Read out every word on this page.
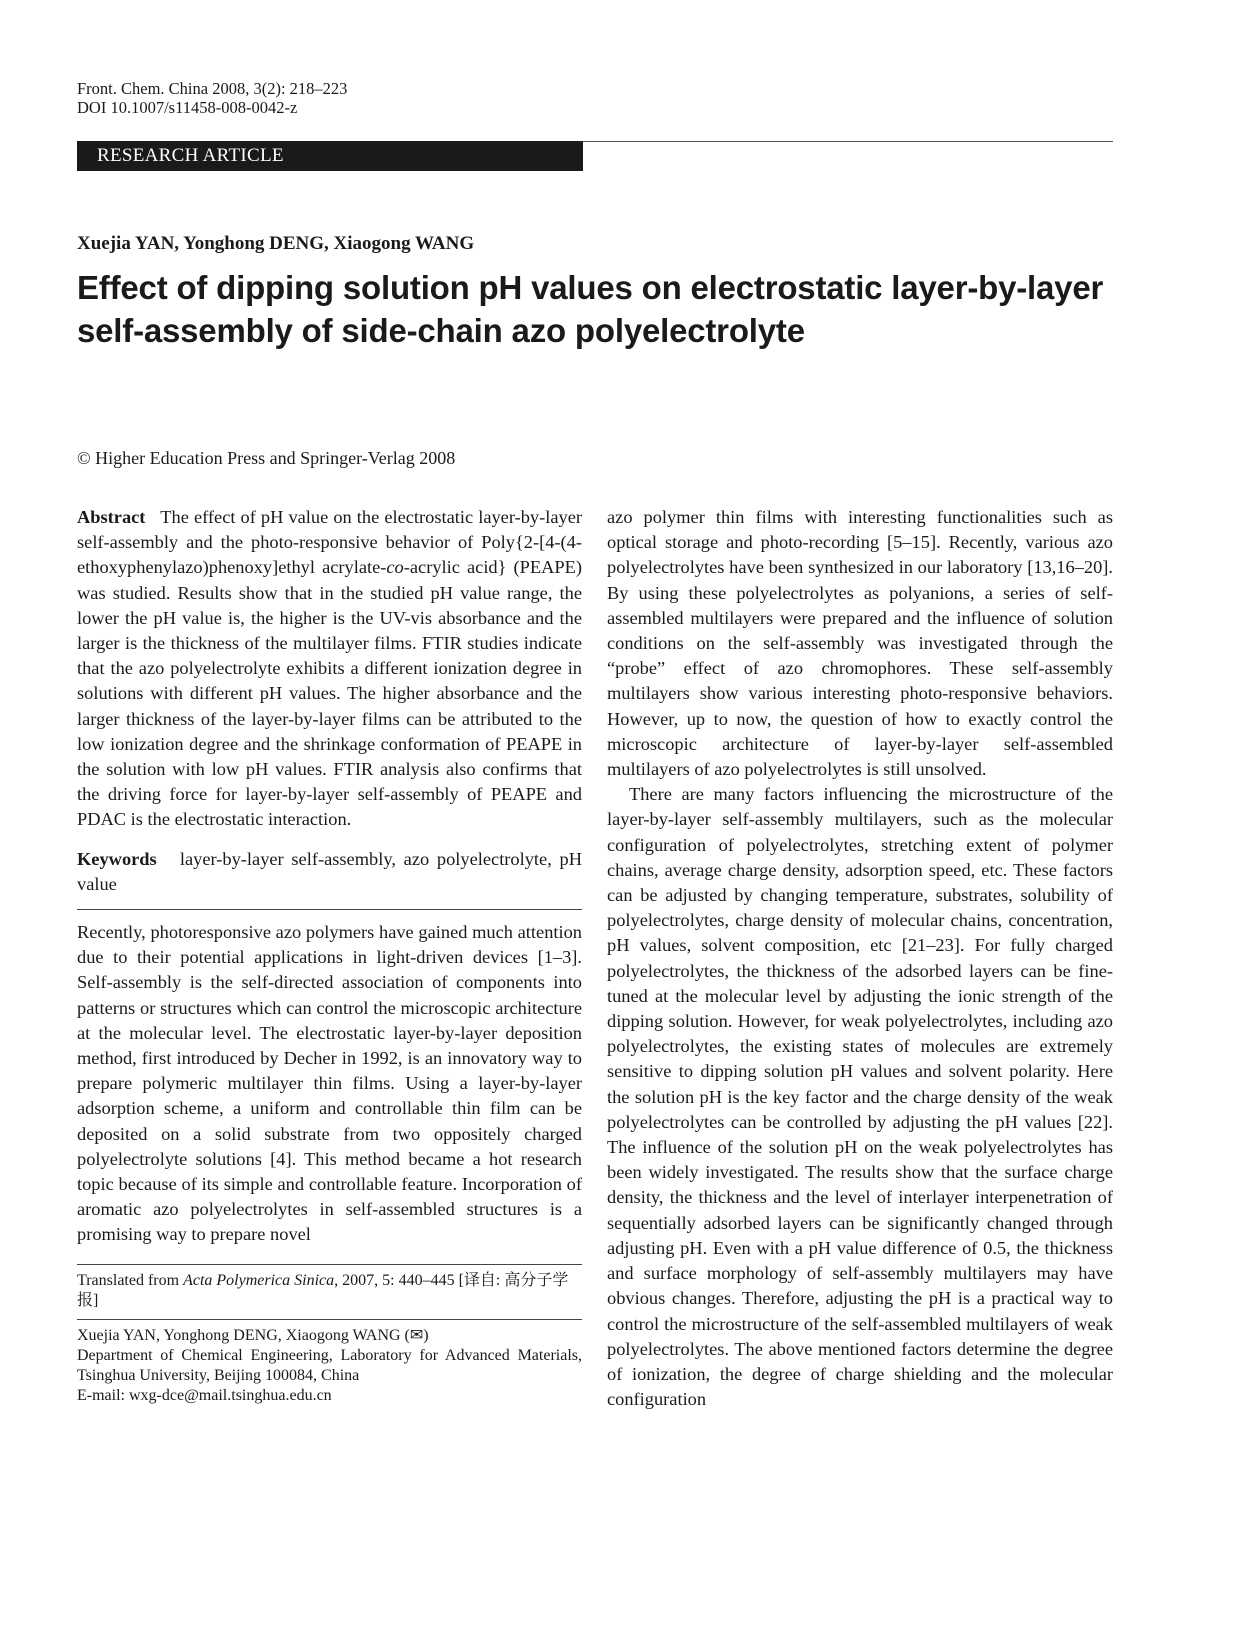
Front. Chem. China 2008, 3(2): 218–223
DOI 10.1007/s11458-008-0042-z
RESEARCH ARTICLE
Xuejia YAN, Yonghong DENG, Xiaogong WANG
Effect of dipping solution pH values on electrostatic layer-by-layer self-assembly of side-chain azo polyelectrolyte
© Higher Education Press and Springer-Verlag 2008

Abstract The effect of pH value on the electrostatic layer-by-layer self-assembly and the photo-responsive behavior of Poly{2-[4-(4-ethoxyphenylazo)phenoxy]ethyl acrylate-co-acrylic acid} (PEAPE) was studied. Results show that in the studied pH value range, the lower the pH value is, the higher is the UV-vis absorbance and the larger is the thickness of the multilayer films. FTIR studies indicate that the azo polyelectrolyte exhibits a different ionization degree in solutions with different pH values. The higher absorbance and the larger thickness of the layer-by-layer films can be attributed to the low ionization degree and the shrinkage conformation of PEAPE in the solution with low pH values. FTIR analysis also confirms that the driving force for layer-by-layer self-assembly of PEAPE and PDAC is the electrostatic interaction.

Keywords layer-by-layer self-assembly, azo polyelectrolyte, pH value

Recently, photoresponsive azo polymers have gained much attention due to their potential applications in light-driven devices [1–3]. Self-assembly is the self-directed association of components into patterns or structures which can control the microscopic architecture at the molecular level. The electrostatic layer-by-layer deposition method, first introduced by Decher in 1992, is an innovatory way to prepare polymeric multilayer thin films. Using a layer-by-layer adsorption scheme, a uniform and controllable thin film can be deposited on a solid substrate from two oppositely charged polyelectrolyte solutions [4]. This method became a hot research topic because of its simple and controllable feature. Incorporation of aromatic azo polyelectrolytes in self-assembled structures is a promising way to prepare novel

Translated from Acta Polymerica Sinica, 2007, 5: 440–445 [译自: 高分子学报]

Xuejia YAN, Yonghong DENG, Xiaogong WANG (✉)
Department of Chemical Engineering, Laboratory for Advanced Materials, Tsinghua University, Beijing 100084, China
E-mail: wxg-dce@mail.tsinghua.edu.cn

azo polymer thin films with interesting functionalities such as optical storage and photo-recording [5–15]. Recently, various azo polyelectrolytes have been synthesized in our laboratory [13,16–20]. By using these polyelectrolytes as polyanions, a series of self-assembled multilayers were prepared and the influence of solution conditions on the self-assembly was investigated through the “probe” effect of azo chromophores. These self-assembly multilayers show various interesting photo-responsive behaviors. However, up to now, the question of how to exactly control the microscopic architecture of layer-by-layer self-assembled multilayers of azo polyelectrolytes is still unsolved.

There are many factors influencing the microstructure of the layer-by-layer self-assembly multilayers, such as the molecular configuration of polyelectrolytes, stretching extent of polymer chains, average charge density, adsorption speed, etc. These factors can be adjusted by changing temperature, substrates, solubility of polyelectrolytes, charge density of molecular chains, concentration, pH values, solvent composition, etc [21–23]. For fully charged polyelectrolytes, the thickness of the adsorbed layers can be fine-tuned at the molecular level by adjusting the ionic strength of the dipping solution. However, for weak polyelectrolytes, including azo polyelectrolytes, the existing states of molecules are extremely sensitive to dipping solution pH values and solvent polarity. Here the solution pH is the key factor and the charge density of the weak polyelectrolytes can be controlled by adjusting the pH values [22]. The influence of the solution pH on the weak polyelectrolytes has been widely investigated. The results show that the surface charge density, the thickness and the level of interlayer interpenetration of sequentially adsorbed layers can be significantly changed through adjusting pH. Even with a pH value difference of 0.5, the thickness and surface morphology of self-assembly multilayers may have obvious changes. Therefore, adjusting the pH is a practical way to control the microstructure of the self-assembled multilayers of weak polyelectrolytes. The above mentioned factors determine the degree of ionization, the degree of charge shielding and the molecular configuration
